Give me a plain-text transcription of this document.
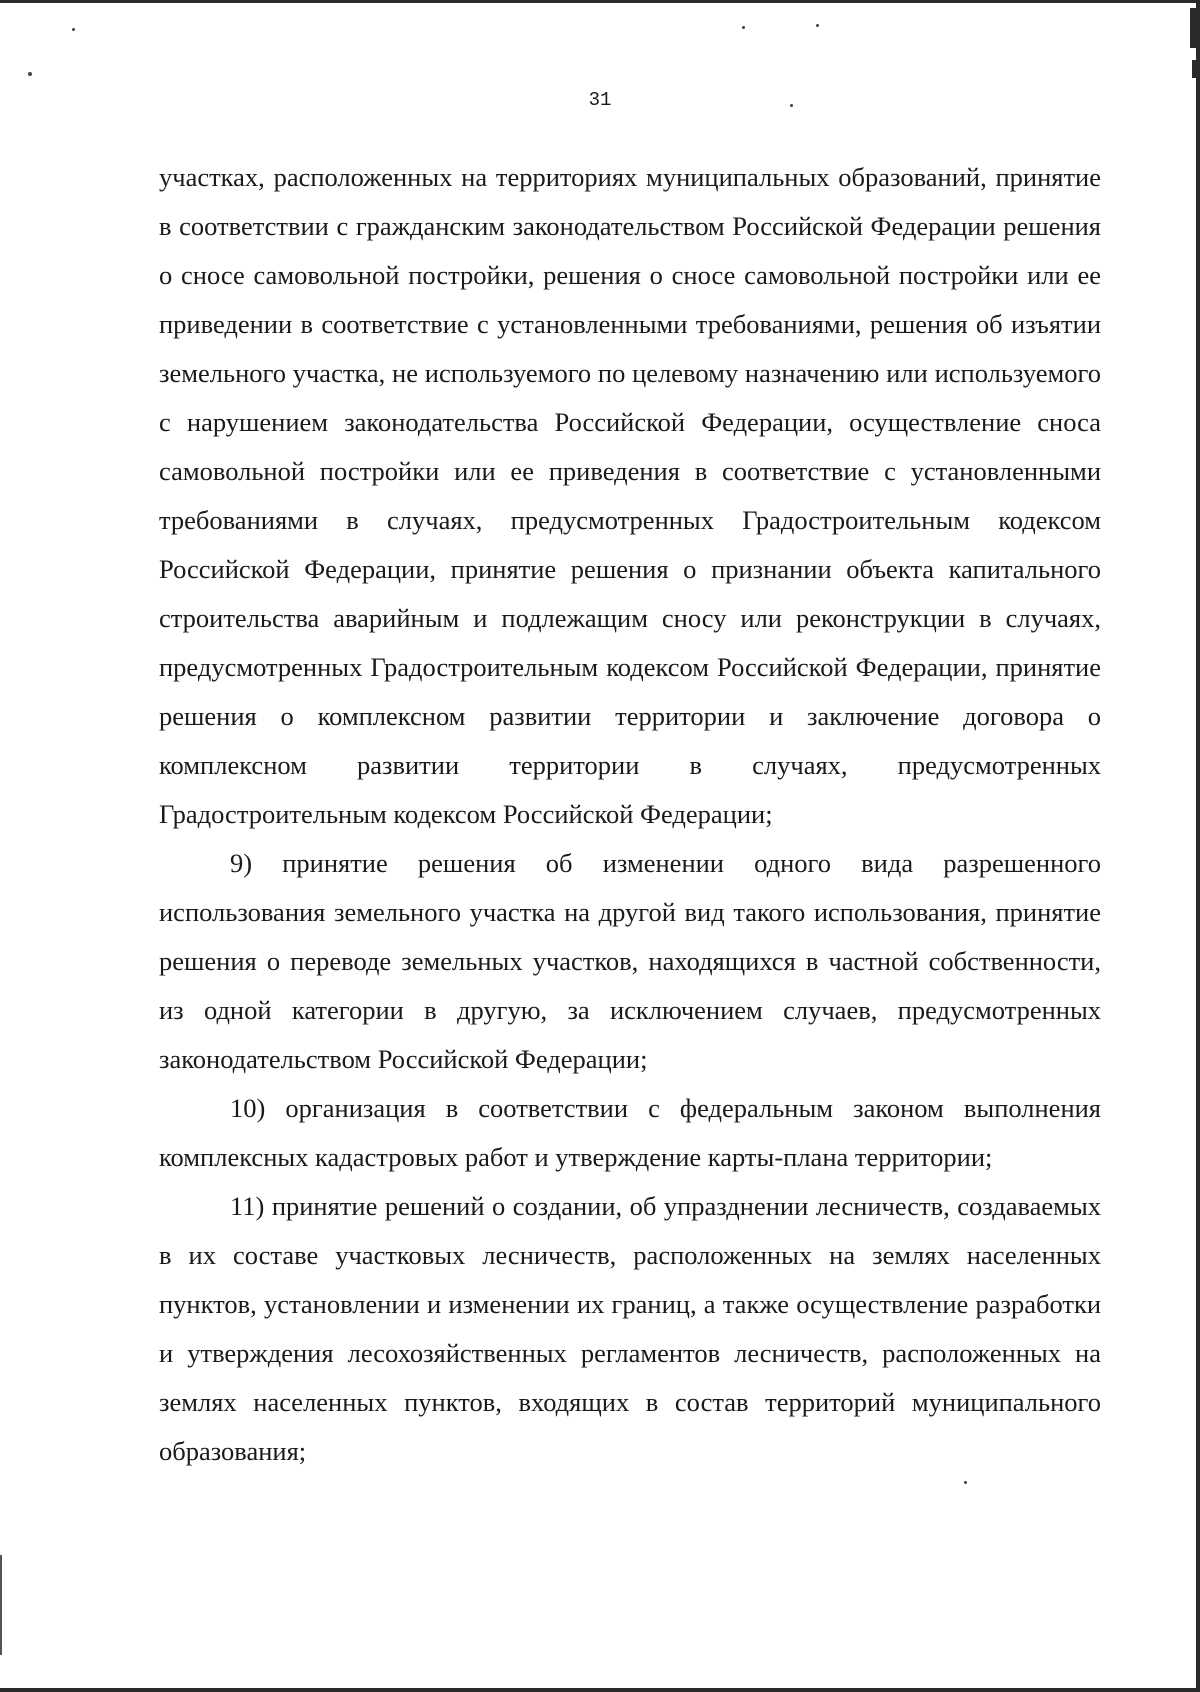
31

участках, расположенных на территориях муниципальных образований, принятие в соответствии с гражданским законодательством Российской Федерации решения о сносе самовольной постройки, решения о сносе самовольной постройки или ее приведении в соответствие с установленными требованиями, решения об изъятии земельного участка, не используемого по целевому назначению или используемого с нарушением законодательства Российской Федерации, осуществление сноса самовольной постройки или ее приведения в соответствие с установленными требованиями в случаях, предусмотренных Градостроительным кодексом Российской Федерации, принятие решения о признании объекта капитального строительства аварийным и подлежащим сносу или реконструкции в случаях, предусмотренных Градостроительным кодексом Российской Федерации, принятие решения о комплексном развитии территории и заключение договора о комплексном развитии территории в случаях, предусмотренных Градостроительным кодексом Российской Федерации;

9) принятие решения об изменении одного вида разрешенного использования земельного участка на другой вид такого использования, принятие решения о переводе земельных участков, находящихся в частной собственности, из одной категории в другую, за исключением случаев, предусмотренных законодательством Российской Федерации;

10) организация в соответствии с федеральным законом выполнения комплексных кадастровых работ и утверждение карты-плана территории;

11) принятие решений о создании, об упразднении лесничеств, создаваемых в их составе участковых лесничеств, расположенных на землях населенных пунктов, установлении и изменении их границ, а также осуществление разработки и утверждения лесохозяйственных регламентов лесничеств, расположенных на землях населенных пунктов, входящих в состав территорий муниципального образования;
